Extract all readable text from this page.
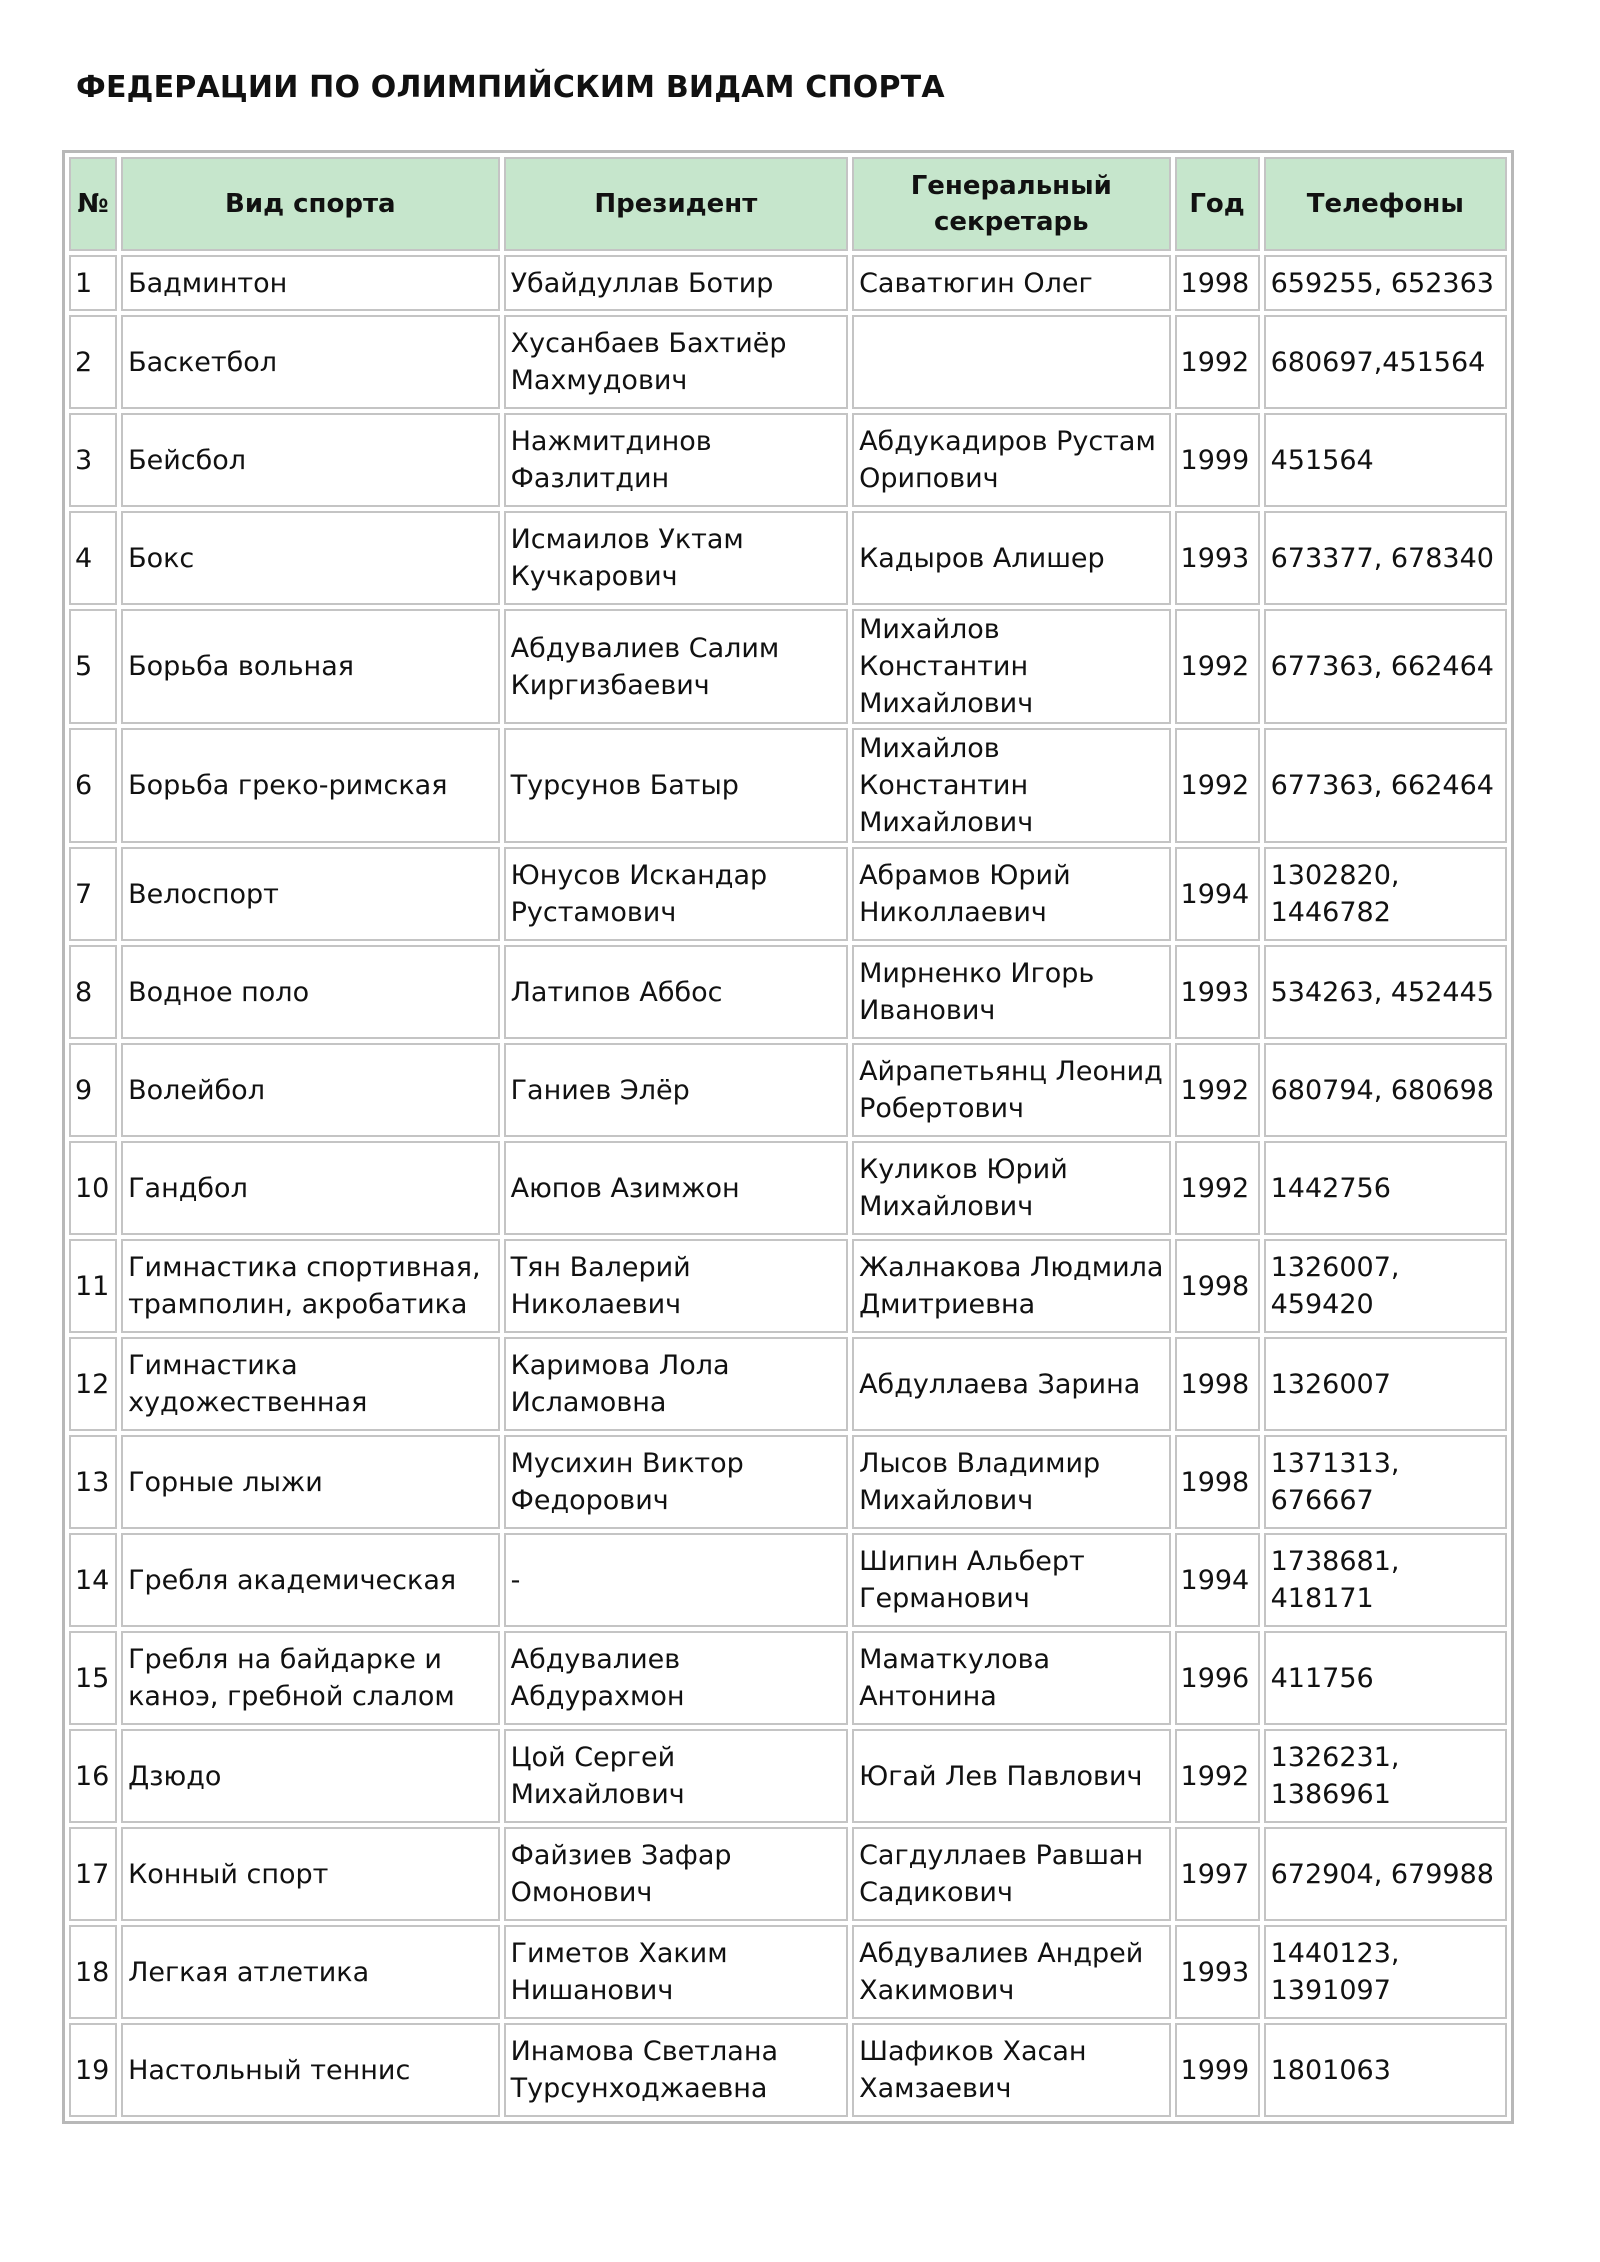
ФЕДЕРАЦИИ ПО ОЛИМПИЙСКИМ ВИДАМ СПОРТА
№	Вид спорта	Президент	Генеральный секретарь	Год	Телефоны
1	Бадминтон	Убайдуллав Ботир	Саватюгин Олег	1998	659255, 652363
2	Баскетбол	Хусанбаев Бахтиёр Махмудович		1992	680697,451564
3	Бейсбол	Нажмитдинов Фазлитдин	Абдукадиров Рустам Орипович	1999	451564
4	Бокс	Исмаилов Уктам Кучкарович	Кадыров Алишер	1993	673377, 678340
5	Борьба вольная	Абдувалиев Салим Киргизбаевич	Михайлов Константин Михайлович	1992	677363, 662464
6	Борьба греко-римская	Турсунов Батыр	Михайлов Константин Михайлович	1992	677363, 662464
7	Велоспорт	Юнусов Искандар Рустамович	Абрамов Юрий Николлаевич	1994	1302820, 1446782
8	Водное поло	Латипов Аббос	Мирненко Игорь Иванович	1993	534263, 452445
9	Волейбол	Ганиев Элёр	Айрапетьянц Леонид Робертович	1992	680794, 680698
10	Гандбол	Аюпов Азимжон	Куликов Юрий Михайлович	1992	1442756
11	Гимнастика спортивная, трамполин, акробатика	Тян Валерий Николаевич	Жалнакова Людмила Дмитриевна	1998	1326007, 459420
12	Гимнастика художественная	Каримова Лола Исламовна	Абдуллаева Зарина	1998	1326007
13	Горные лыжи	Мусихин Виктор Федорович	Лысов Владимир Михайлович	1998	1371313, 676667
14	Гребля академическая	-	Шипин Альберт Германович	1994	1738681, 418171
15	Гребля на байдарке и каноэ, гребной слалом	Абдувалиев Абдурахмон	Маматкулова Антонина	1996	411756
16	Дзюдо	Цой Сергей Михайлович	Югай Лев Павлович	1992	1326231, 1386961
17	Конный спорт	Файзиев Зафар Омонович	Сагдуллаев Равшан Садикович	1997	672904, 679988
18	Легкая атлетика	Гиметов Хаким Нишанович	Абдувалиев Андрей Хакимович	1993	1440123, 1391097
19	Настольный теннис	Инамова Светлана Турсунходжаевна	Шафиков Хасан Хамзаевич	1999	1801063
